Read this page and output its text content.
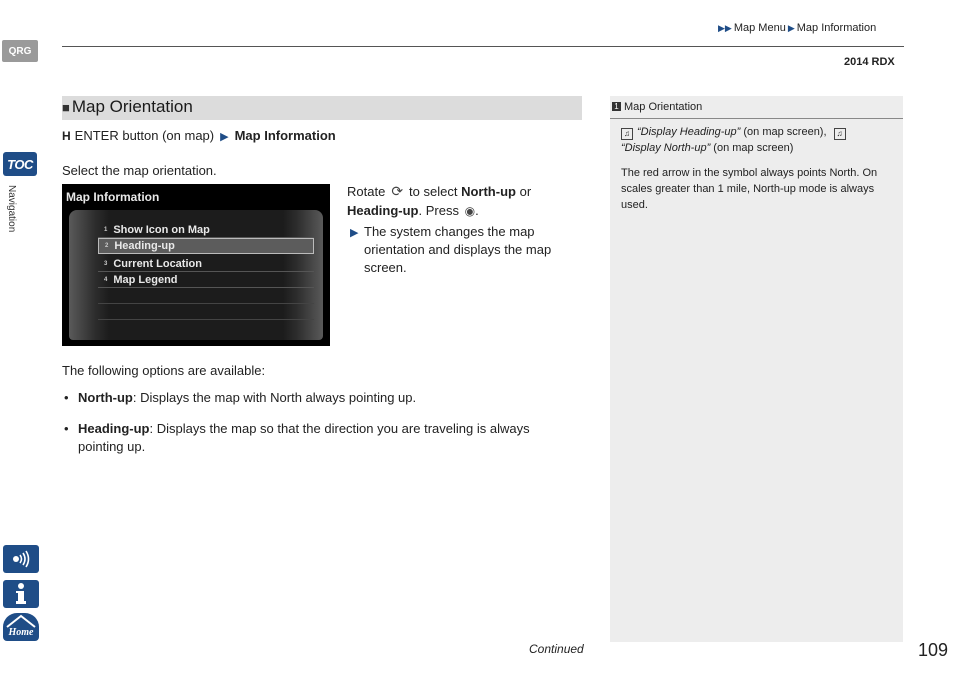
QRG
TOC
Navigation
Home
▶▶ Map Menu ▶ Map Information
2014 RDX
■ Map Orientation
H ENTER button (on map) ▶ Map Information
Select the map orientation.
Map Information
1 Show Icon on Map
2 Heading-up
3 Current Location
4 Map Legend
Rotate ⟳ to select North-up or Heading-up. Press ◉.
▶ The system changes the map orientation and displays the map screen.
The following options are available:
• North-up: Displays the map with North always pointing up.
• Heading-up: Displays the map so that the direction you are traveling is always pointing up.
1 Map Orientation
♫ “Display Heading-up” (on map screen), ♫
“Display North-up” (on map screen)
The red arrow in the symbol always points North. On scales greater than 1 mile, North-up mode is always used.
Continued	109
